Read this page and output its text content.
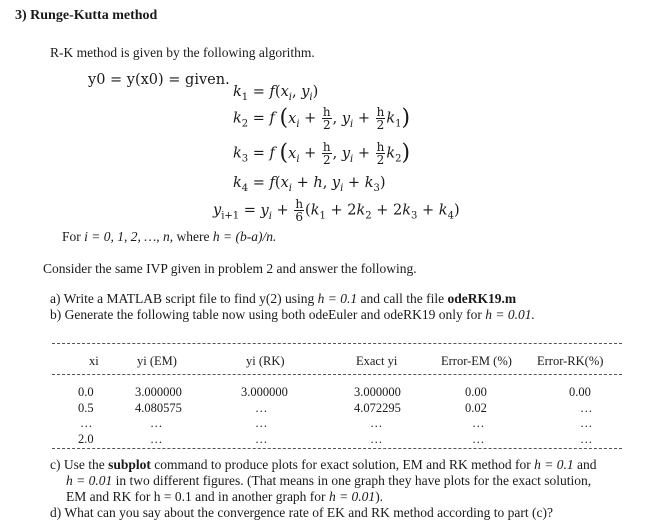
3) Runge-Kutta method
R-K method is given by the following algorithm.
y0 = y(x0) = given.
$k_1 = f(x_i$, $y_i$)
$k_2 = f$ ($x_i + \frac{h}{2}$ , $y_i + \frac{h}{2} k_1$)
$k_3 = f$ ($x_i + \frac{h}{2}$ , $y_i + \frac{h}{2} k_2$)
$k_4 = f(x_i + h$, $y_i + k_3$)
$y_{i+1} = y_i + \frac{h}{6} (k_1 + 2k_2 + 2k_3 + k_4)$
For i = 0, 1, 2, …, n, where h = (b-a)/n.
Consider the same IVP given in problem 2 and answer the following.
a) Write a MATLAB script file to find y(2) using h = 0.1 and call the file odeRK19.m
b) Generate the following table now using both odeEuler and odeRK19 only for h = 0.01.
xi	yi (EM)	yi (RK)	Exact yi	Error-EM (%) Error-RK(%)
0.0	3.000000	3.000000	3.000000	0.00	0.00
0.5	4.080575	…	4.072295	0.02	…
…	…	…	…	…	…
2.0	…	…	…	…	…
c) Use the subplot command to produce plots for exact solution, EM and RK method for h = 0.1 and
h = 0.01 in two different figures. (That means in one graph they have plots for the exact solution,
EM and RK for h = 0.1 and in another graph for h = 0.01).
d) What can you say about the convergence rate of EK and RK method according to part (c)?
